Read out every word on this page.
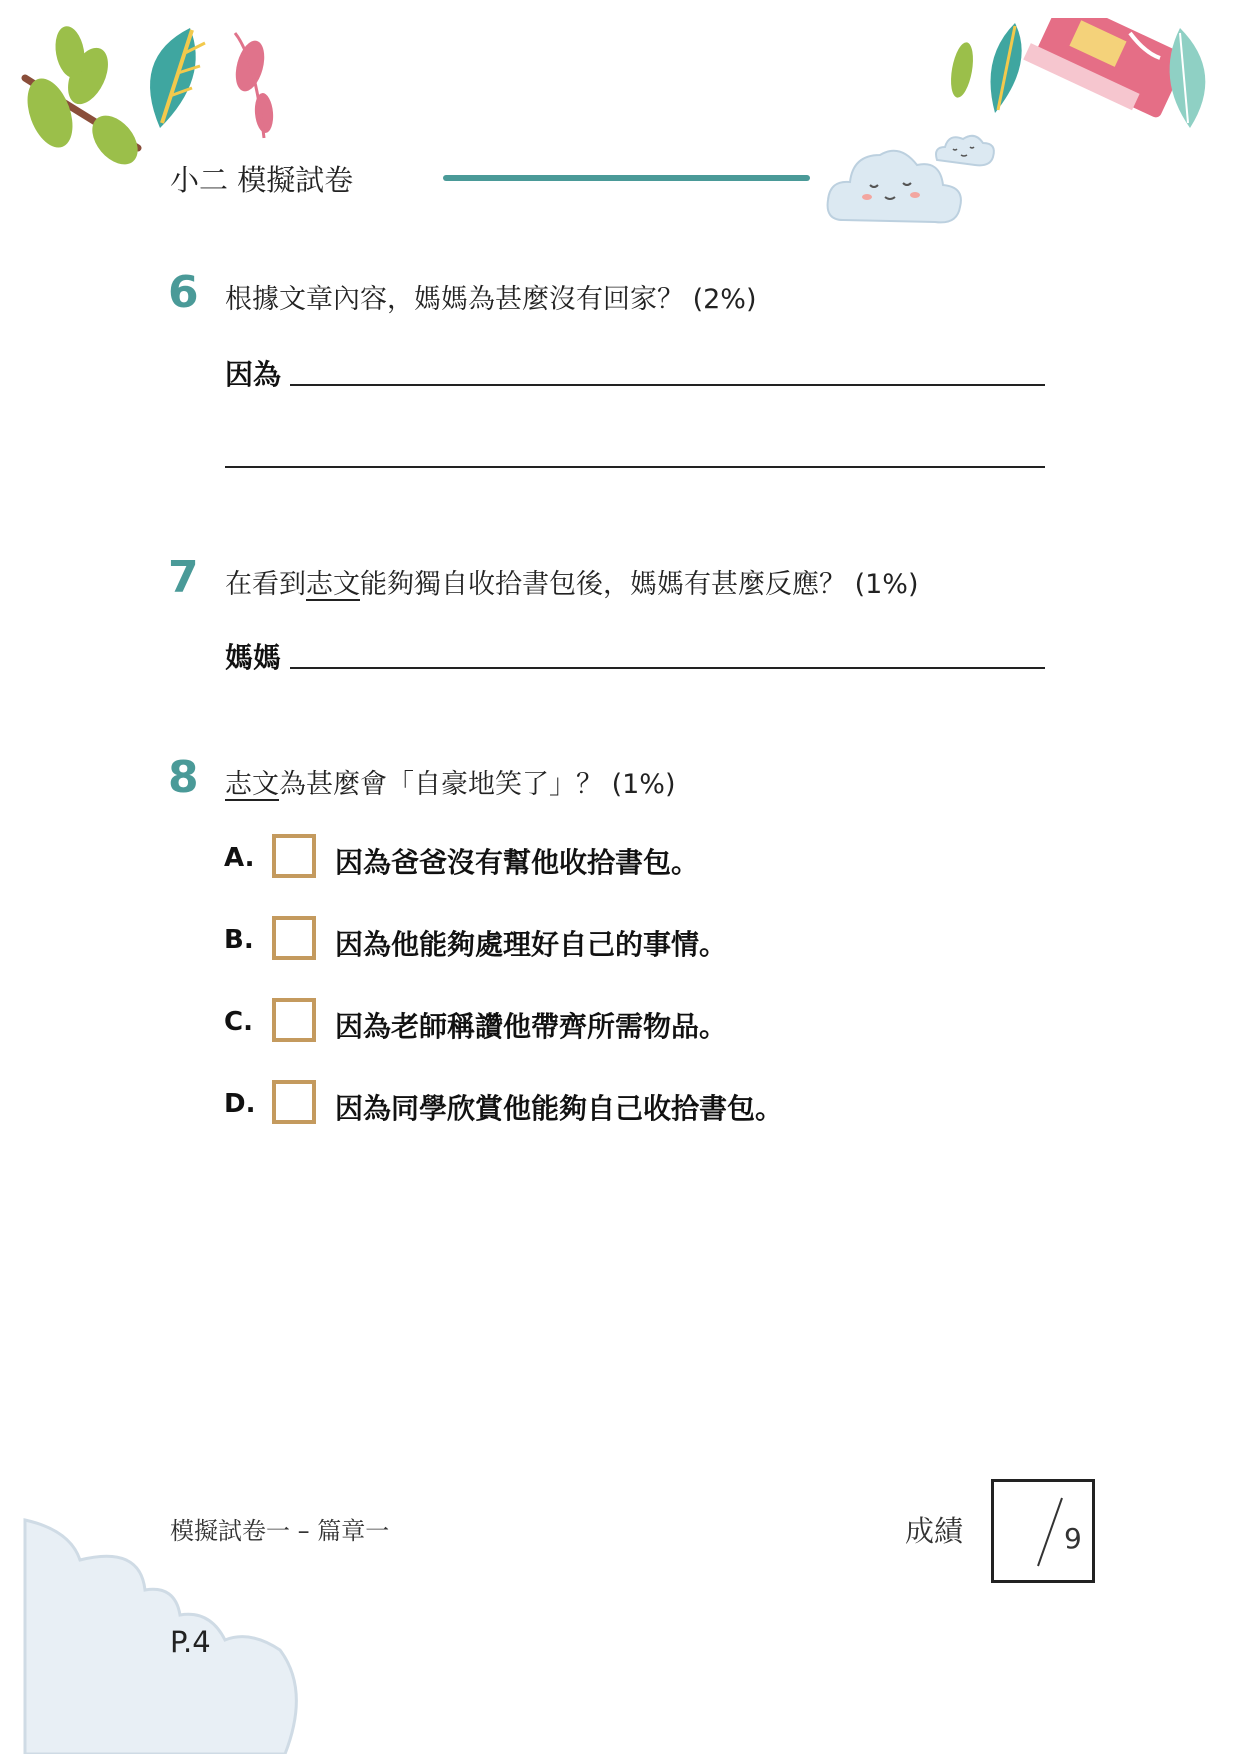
小二 模擬試卷
6 根據文章內容，媽媽為甚麼沒有回家？ (2%)
因為
7 在看到志文能夠獨自收拾書包後，媽媽有甚麼反應？ (1%)
媽媽
8 志文為甚麼會「自豪地笑了」？ (1%)
A.	因為爸爸沒有幫他收拾書包。
B.	因為他能夠處理好自己的事情。
C.	因為老師稱讚他帶齊所需物品。
D.	因為同學欣賞他能夠自己收拾書包。
模擬試卷一 – 篇章一	成績	9
P.4
